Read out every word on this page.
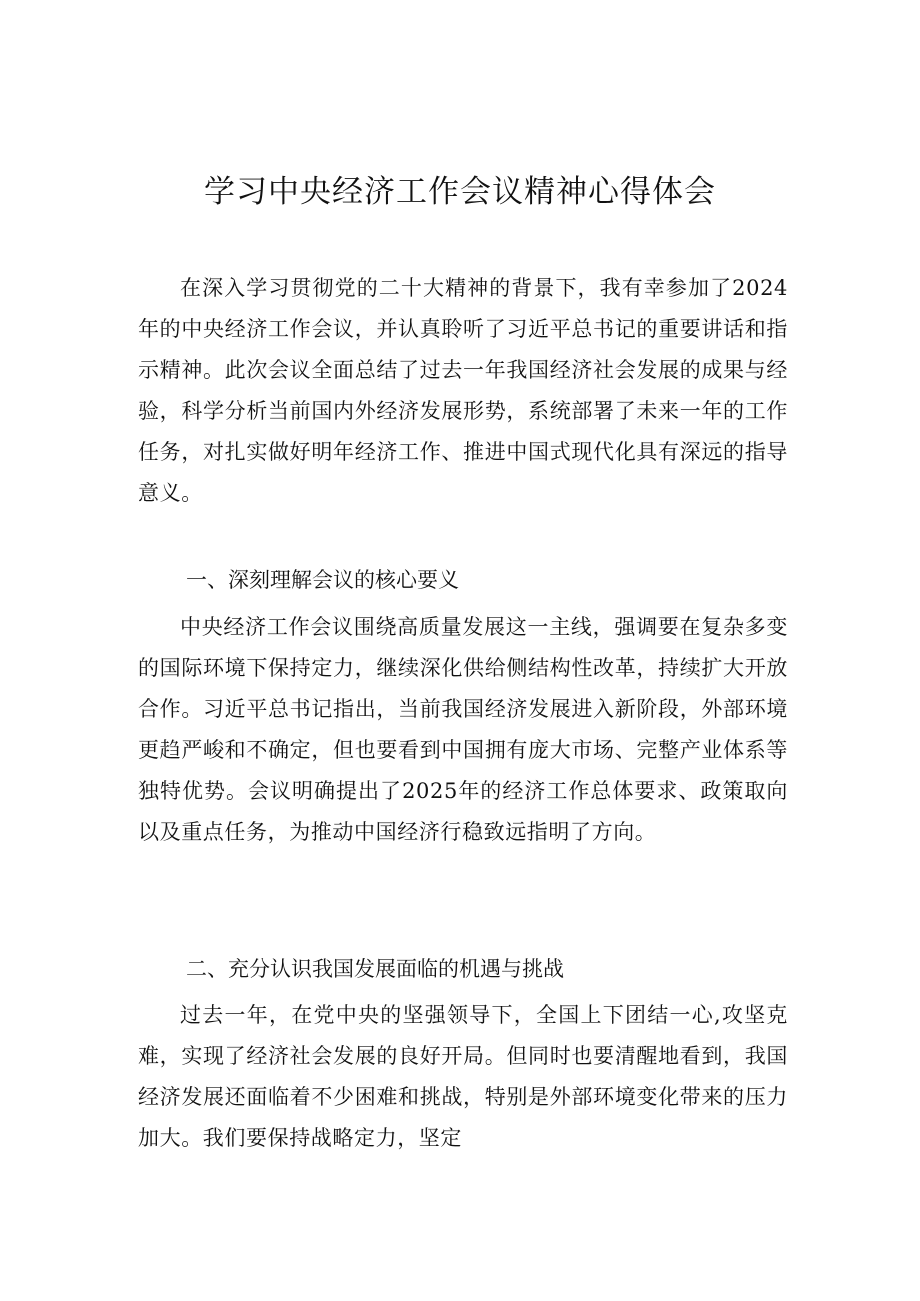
学习中央经济工作会议精神心得体会

在深入学习贯彻党的二十大精神的背景下，我有幸参加了2024年的中央经济工作会议，并认真聆听了习近平总书记的重要讲话和指示精神。此次会议全面总结了过去一年我国经济社会发展的成果与经验，科学分析当前国内外经济发展形势，系统部署了未来一年的工作任务，对扎实做好明年经济工作、推进中国式现代化具有深远的指导意义。

一、深刻理解会议的核心要义

中央经济工作会议围绕高质量发展这一主线，强调要在复杂多变的国际环境下保持定力，继续深化供给侧结构性改革，持续扩大开放合作。习近平总书记指出，当前我国经济发展进入新阶段，外部环境更趋严峻和不确定，但也要看到中国拥有庞大市场、完整产业体系等独特优势。会议明确提出了2025年的经济工作总体要求、政策取向以及重点任务，为推动中国经济行稳致远指明了方向。

二、充分认识我国发展面临的机遇与挑战

过去一年，在党中央的坚强领导下，全国上下团结一心,攻坚克难，实现了经济社会发展的良好开局。但同时也要清醒地看到，我国经济发展还面临着不少困难和挑战，特别是外部环境变化带来的压力加大。我们要保持战略定力，坚定
